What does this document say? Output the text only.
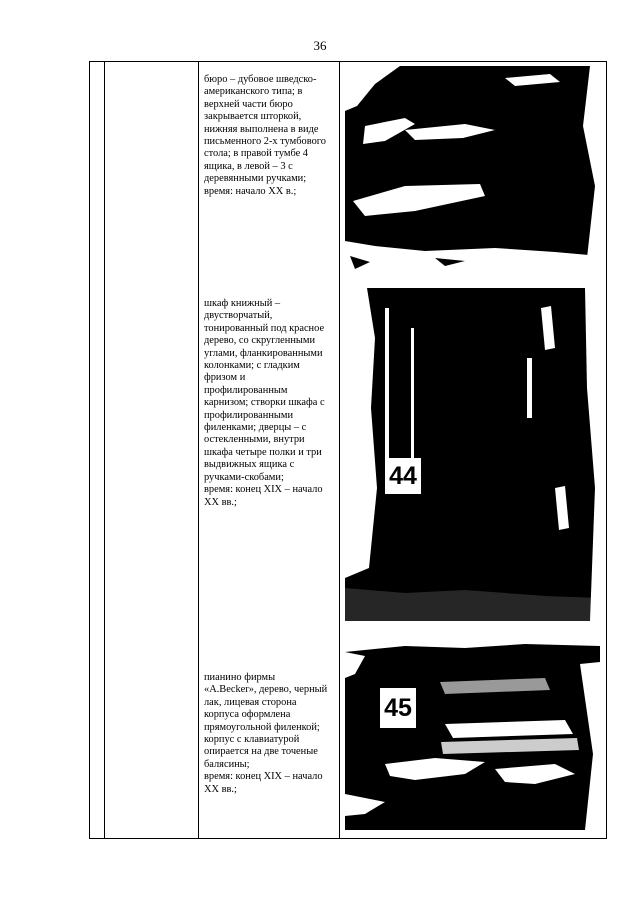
36
бюро – дубовое шведско-
американского типа; в
верхней части бюро
закрывается шторкой,
нижняя выполнена в виде
письменного 2-х тумбового
стола; в правой тумбе 4
ящика, в левой – 3 с
деревянными ручками;
время: начало XX в.;
шкаф книжный –
двустворчатый,
тонированный под красное
дерево, со скругленными
углами, фланкированными
колонками; с гладким
фризом и
профилированным
карнизом; створки шкафа с
профилированными
филенками; дверцы – с
остекленными, внутри
шкафа четыре полки и три
выдвижных ящика с
ручками-скобами;
время: конец XIX – начало
XX вв.;
44
пианино фирмы
«A.Becker», дерево, черный
лак, лицевая сторона
корпуса оформлена
прямоугольной филенкой;
корпус с клавиатурой
опирается на две точеные
балясины;
время: конец XIX – начало
XX вв.;
45
